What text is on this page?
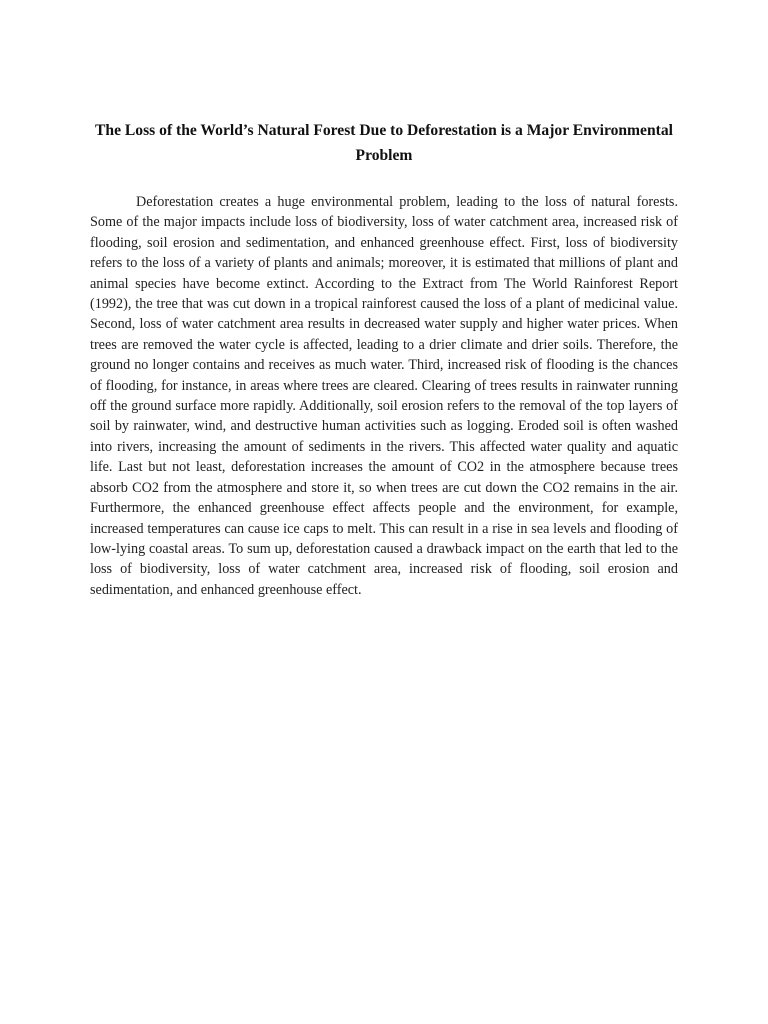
The Loss of the World’s Natural Forest Due to Deforestation is a Major Environmental Problem

Deforestation creates a huge environmental problem, leading to the loss of natural forests. Some of the major impacts include loss of biodiversity, loss of water catchment area, increased risk of flooding, soil erosion and sedimentation, and enhanced greenhouse effect. First, loss of biodiversity refers to the loss of a variety of plants and animals; moreover, it is estimated that millions of plant and animal species have become extinct. According to the Extract from The World Rainforest Report (1992), the tree that was cut down in a tropical rainforest caused the loss of a plant of medicinal value. Second, loss of water catchment area results in decreased water supply and higher water prices. When trees are removed the water cycle is affected, leading to a drier climate and drier soils. Therefore, the ground no longer contains and receives as much water. Third, increased risk of flooding is the chances of flooding, for instance, in areas where trees are cleared. Clearing of trees results in rainwater running off the ground surface more rapidly. Additionally, soil erosion refers to the removal of the top layers of soil by rainwater, wind, and destructive human activities such as logging. Eroded soil is often washed into rivers, increasing the amount of sediments in the rivers. This affected water quality and aquatic life. Last but not least, deforestation increases the amount of CO2 in the atmosphere because trees absorb CO2 from the atmosphere and store it, so when trees are cut down the CO2 remains in the air. Furthermore, the enhanced greenhouse effect affects people and the environment, for example, increased temperatures can cause ice caps to melt. This can result in a rise in sea levels and flooding of low-lying coastal areas. To sum up, deforestation caused a drawback impact on the earth that led to the loss of biodiversity, loss of water catchment area, increased risk of flooding, soil erosion and sedimentation, and enhanced greenhouse effect.
